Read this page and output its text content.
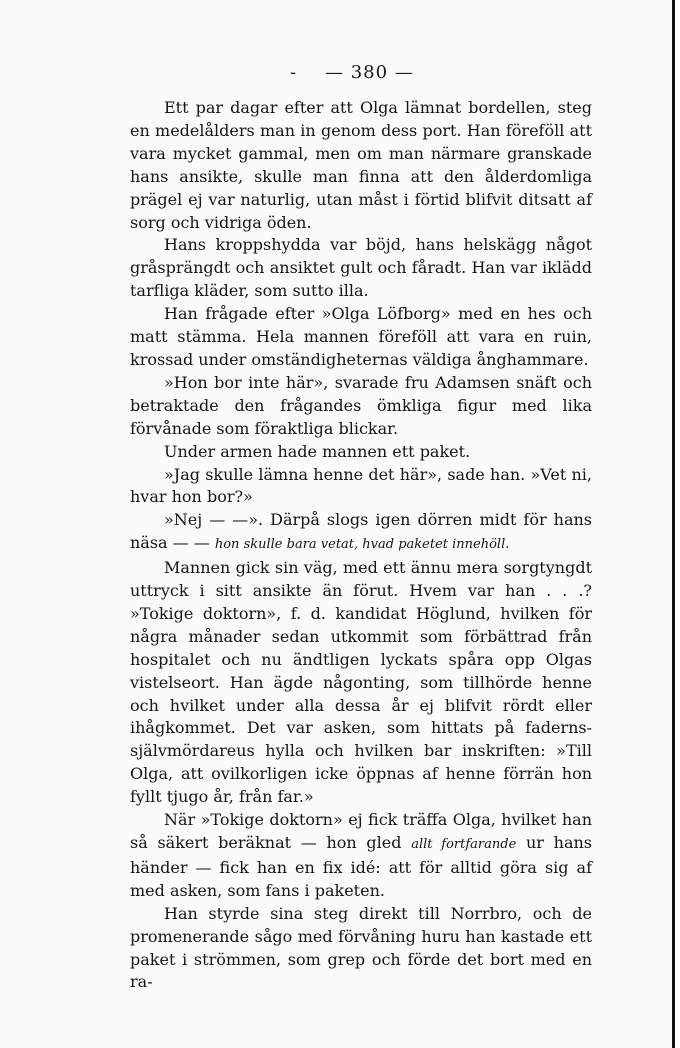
- — 380 —

Ett par dagar efter att Olga lämnat bordellen, steg en medelålders man in genom dess port. Han föreföll att vara mycket gammal, men om man närmare granskade hans ansikte, skulle man finna att den ålderdomliga prägel ej var naturlig, utan måst i förtid blifvit ditsatt af sorg och vidriga öden.

Hans kroppshydda var böjd, hans helskägg något gråsprängdt och ansiktet gult och fåradt. Han var iklädd tarfliga kläder, som sutto illa.

Han frågade efter »Olga Löfborg» med en hes och matt stämma. Hela mannen föreföll att vara en ruin, krossad under omständigheternas väldiga ånghammare.

»Hon bor inte här», svarade fru Adamsen snäft och betraktade den frågandes ömkliga figur med lika förvånade som föraktliga blickar.

Under armen hade mannen ett paket.

»Jag skulle lämna henne det här», sade han. »Vet ni, hvar hon bor?»

»Nej — —». Därpå slogs igen dörren midt för hans näsa — — hon skulle bara vetat, hvad paketet innehöll.

Mannen gick sin väg, med ett ännu mera sorgtyngdt uttryck i sitt ansikte än förut. Hvem var han . . .? »Tokige doktorn», f. d. kandidat Höglund, hvilken för några månader sedan utkommit som förbättrad från hospitalet och nu ändtligen lyckats spåra opp Olgas vistelseort. Han ägde någonting, som tillhörde henne och hvilket under alla dessa år ej blifvit rördt eller ihågkommet. Det var asken, som hittats på faderns-självmördareus hylla och hvilken bar inskriften: »Till Olga, att ovilkorligen icke öppnas af henne förrän hon fyllt tjugo år, från far.»

När »Tokige doktorn» ej fick träffa Olga, hvilket han så säkert beräknat — hon gled allt fortfarande ur hans händer — fick han en fix idé: att för alltid göra sig af med asken, som fans i paketen.

Han styrde sina steg direkt till Norrbro, och de promenerande sågo med förvåning huru han kastade ett paket i strömmen, som grep och förde det bort med en ra-
